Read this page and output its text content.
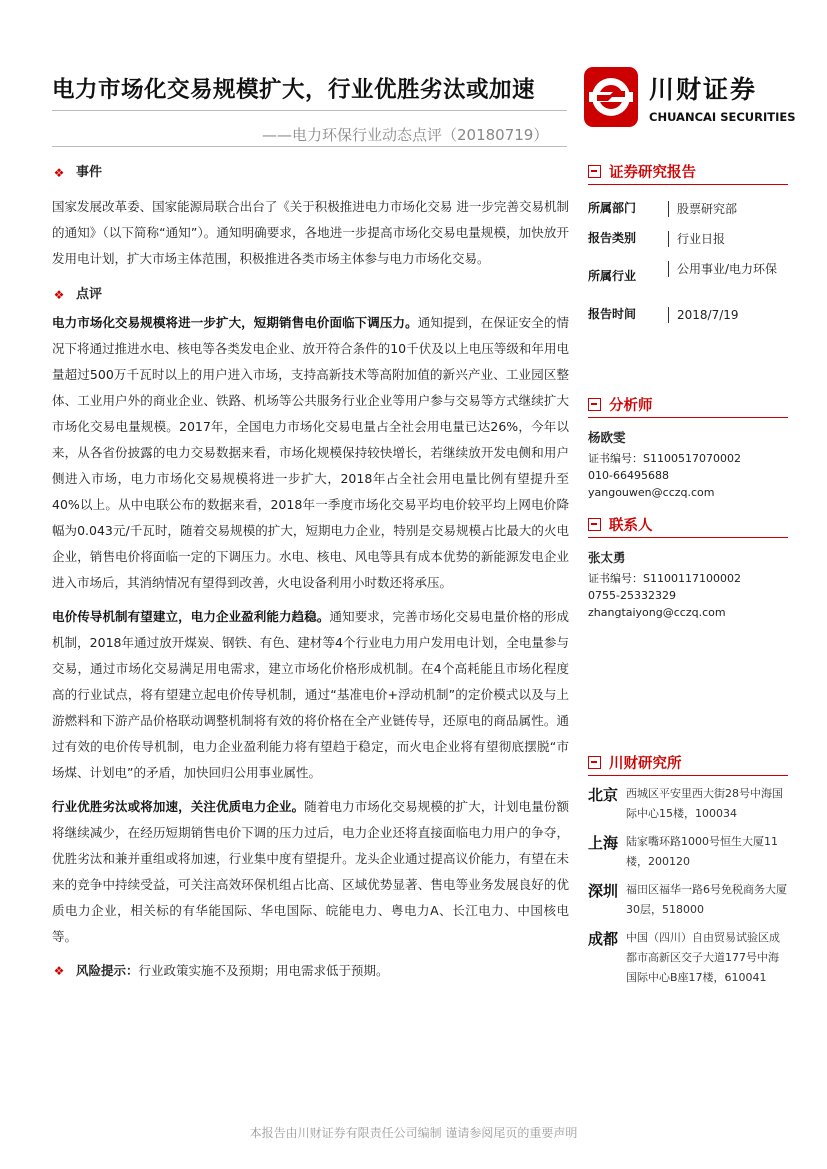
电力市场化交易规模扩大，行业优胜劣汰或加速
——电力环保行业动态点评（20180719）
川财证券
CHUANCAI SECURITIES
❖ 事件

国家发展改革委、国家能源局联合出台了《关于积极推进电力市场化交易 进一步完善交易机制的通知》（以下简称“通知”）。通知明确要求，各地进一步提高市场化交易电量规模，加快放开发用电计划，扩大市场主体范围，积极推进各类市场主体参与电力市场化交易。

❖ 点评

电力市场化交易规模将进一步扩大，短期销售电价面临下调压力。通知提到，在保证安全的情况下将通过推进水电、核电等各类发电企业、放开符合条件的10千伏及以上电压等级和年用电量超过500万千瓦时以上的用户进入市场，支持高新技术等高附加值的新兴产业、工业园区整体、工业用户外的商业企业、铁路、机场等公共服务行业企业等用户参与交易等方式继续扩大市场化交易电量规模。2017年，全国电力市场化交易电量占全社会用电量已达26%，今年以来，从各省份披露的电力交易数据来看，市场化规模保持较快增长，若继续放开发电侧和用户侧进入市场，电力市场化交易规模将进一步扩大，2018年占全社会用电量比例有望提升至40%以上。从中电联公布的数据来看，2018年一季度市场化交易平均电价较平均上网电价降幅为0.043元/千瓦时，随着交易规模的扩大，短期电力企业，特别是交易规模占比最大的火电企业，销售电价将面临一定的下调压力。水电、核电、风电等具有成本优势的新能源发电企业进入市场后，其消纳情况有望得到改善，火电设备利用小时数还将承压。

电价传导机制有望建立，电力企业盈利能力趋稳。通知要求，完善市场化交易电量价格的形成机制，2018年通过放开煤炭、钢铁、有色、建材等4个行业电力用户发用电计划，全电量参与交易，通过市场化交易满足用电需求，建立市场化价格形成机制。在4个高耗能且市场化程度高的行业试点，将有望建立起电价传导机制，通过“基准电价+浮动机制”的定价模式以及与上游燃料和下游产品价格联动调整机制将有效的将价格在全产业链传导，还原电的商品属性。通过有效的电价传导机制，电力企业盈利能力将有望趋于稳定，而火电企业将有望彻底摆脱“市场煤、计划电”的矛盾，加快回归公用事业属性。

行业优胜劣汰或将加速，关注优质电力企业。随着电力市场化交易规模的扩大，计划电量份额将继续减少，在经历短期销售电价下调的压力过后，电力企业还将直接面临电力用户的争夺，优胜劣汰和兼并重组或将加速，行业集中度有望提升。龙头企业通过提高议价能力，有望在未来的竞争中持续受益，可关注高效环保机组占比高、区域优势显著、售电等业务发展良好的优质电力企业，相关标的有华能国际、华电国际、皖能电力、粤电力A、长江电力、中国核电等。

❖ 风险提示： 行业政策实施不及预期；用电需求低于预期。
证券研究报告
所属部门	股票研究部
报告类别	行业日报
所属行业	公用事业/电力环保
报告时间	2018/7/19
分析师
杨欧雯
证书编号：S1100517070002
010-66495688
yangouwen@cczq.com
联系人
张太勇
证书编号：S1100117100002
0755-25332329
zhangtaiyong@cczq.com
川财研究所
北京 西城区平安里西大街28号中海国际中心15楼，100034
上海 陆家嘴环路1000号恒生大厦11楼，200120
深圳 福田区福华一路6号免税商务大厦30层，518000
成都 中国（四川）自由贸易试验区成都市高新区交子大道177号中海国际中心B座17楼，610041
本报告由川财证券有限责任公司编制 谨请参阅尾页的重要声明
